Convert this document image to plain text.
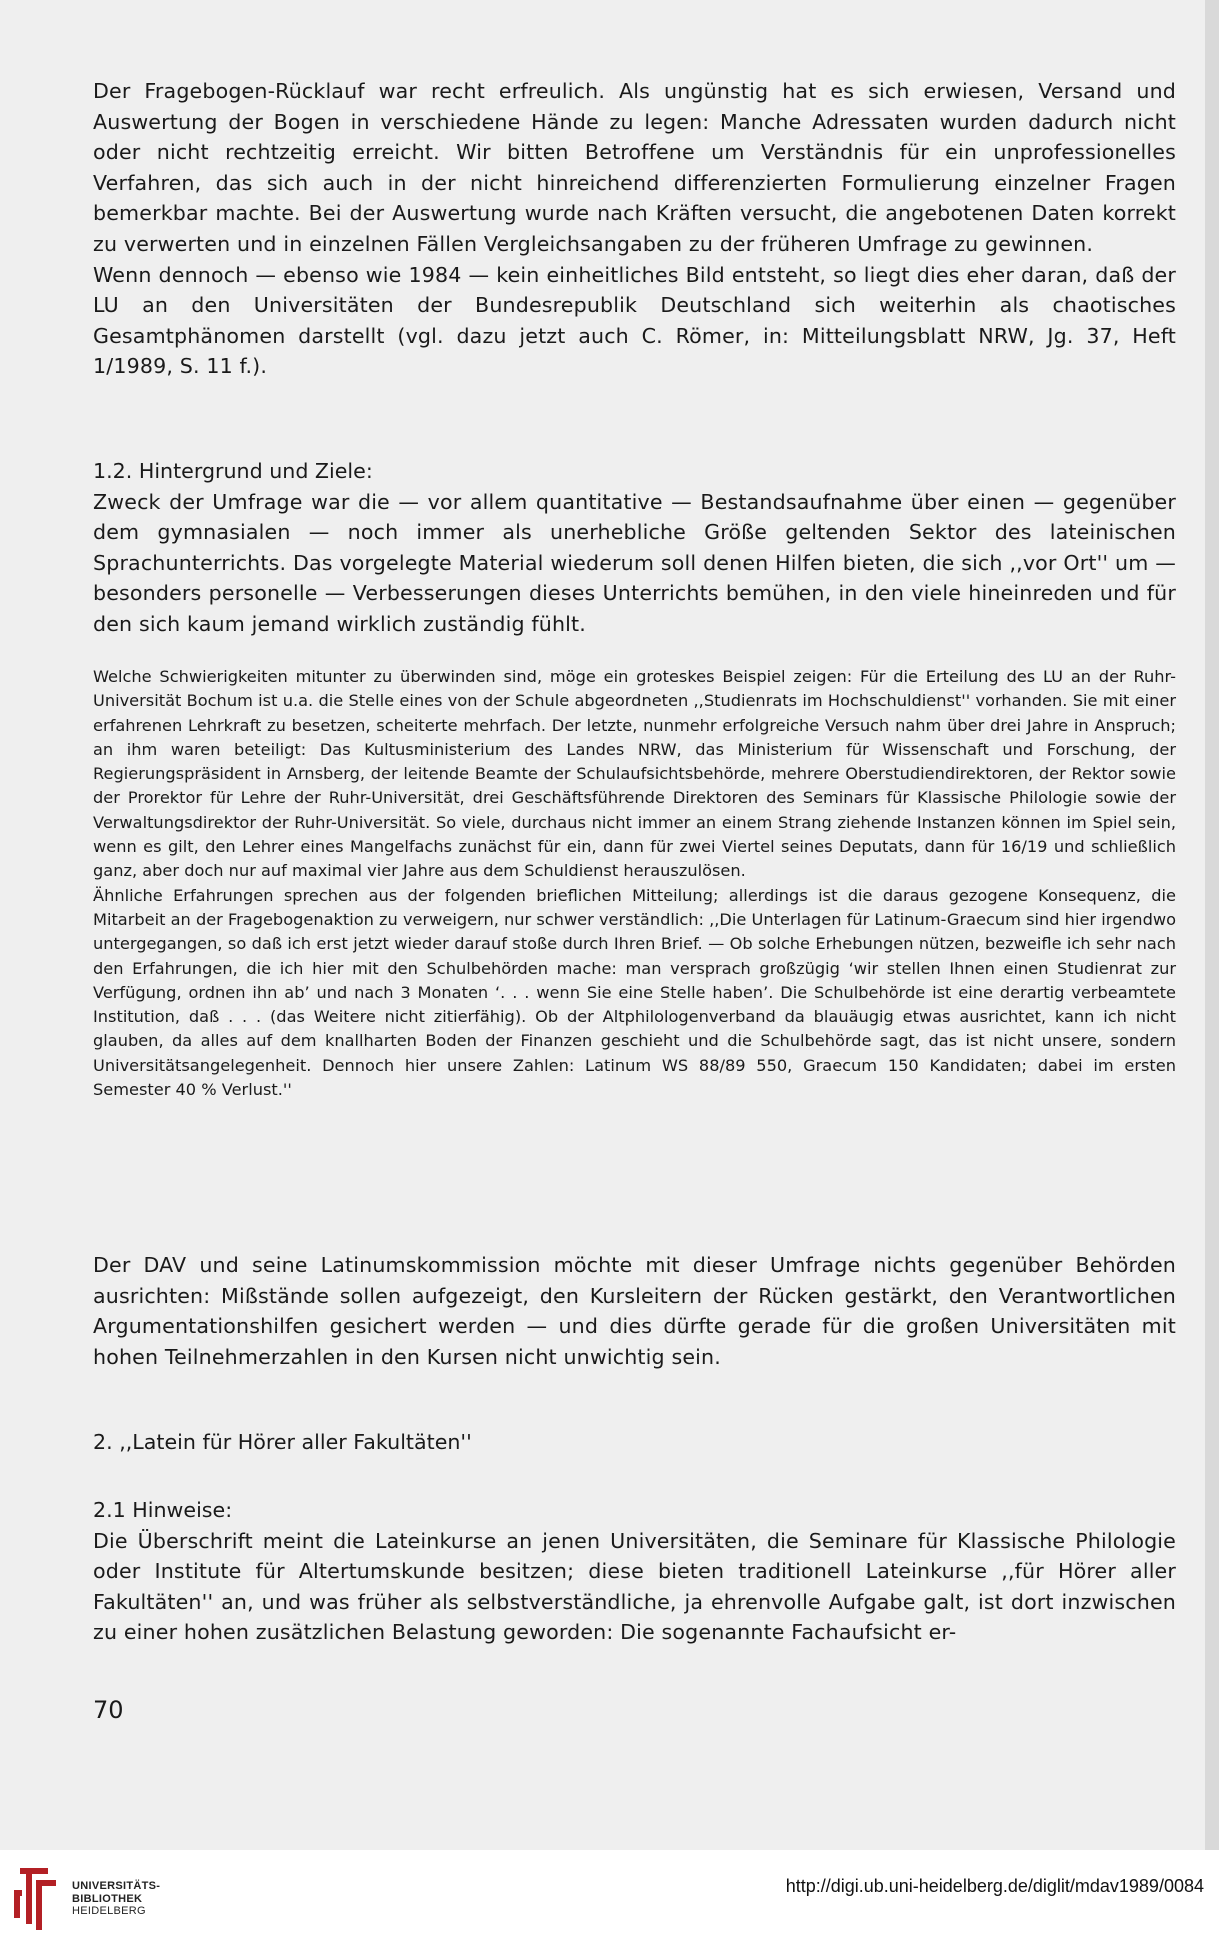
Der Fragebogen-Rücklauf war recht erfreulich. Als ungünstig hat es sich erwiesen, Versand und Auswertung der Bogen in verschiedene Hände zu legen: Manche Adressaten wurden dadurch nicht oder nicht rechtzeitig erreicht. Wir bitten Betroffene um Verständnis für ein unprofessionelles Verfahren, das sich auch in der nicht hinreichend differenzierten Formulierung einzelner Fragen bemerkbar machte. Bei der Auswertung wurde nach Kräften versucht, die angebotenen Daten korrekt zu verwerten und in einzelnen Fällen Vergleichsangaben zu der früheren Umfrage zu gewinnen.

Wenn dennoch — ebenso wie 1984 — kein einheitliches Bild entsteht, so liegt dies eher daran, daß der LU an den Universitäten der Bundesrepublik Deutschland sich weiterhin als chaotisches Gesamtphänomen darstellt (vgl. dazu jetzt auch C. Römer, in: Mitteilungsblatt NRW, Jg. 37, Heft 1/1989, S. 11 f.).

1.2. Hintergrund und Ziele:

Zweck der Umfrage war die — vor allem quantitative — Bestandsaufnahme über einen — gegenüber dem gymnasialen — noch immer als unerhebliche Größe geltenden Sektor des lateinischen Sprachunterrichts. Das vorgelegte Material wiederum soll denen Hilfen bieten, die sich ,,vor Ort'' um — besonders personelle — Verbesserungen dieses Unterrichts bemühen, in den viele hineinreden und für den sich kaum jemand wirklich zuständig fühlt.

Welche Schwierigkeiten mitunter zu überwinden sind, möge ein groteskes Beispiel zeigen: Für die Erteilung des LU an der Ruhr-Universität Bochum ist u.a. die Stelle eines von der Schule abgeordneten ,,Studienrats im Hochschuldienst'' vorhanden. Sie mit einer erfahrenen Lehrkraft zu besetzen, scheiterte mehrfach. Der letzte, nunmehr erfolgreiche Versuch nahm über drei Jahre in Anspruch; an ihm waren beteiligt: Das Kultusministerium des Landes NRW, das Ministerium für Wissenschaft und Forschung, der Regierungspräsident in Arnsberg, der leitende Beamte der Schulaufsichtsbehörde, mehrere Oberstudiendirektoren, der Rektor sowie der Prorektor für Lehre der Ruhr-Universität, drei Geschäftsführende Direktoren des Seminars für Klassische Philologie sowie der Verwaltungsdirektor der Ruhr-Universität. So viele, durchaus nicht immer an einem Strang ziehende Instanzen können im Spiel sein, wenn es gilt, den Lehrer eines Mangelfachs zunächst für ein, dann für zwei Viertel seines Deputats, dann für 16/19 und schließlich ganz, aber doch nur auf maximal vier Jahre aus dem Schuldienst herauszulösen.

Ähnliche Erfahrungen sprechen aus der folgenden brieflichen Mitteilung; allerdings ist die daraus gezogene Konsequenz, die Mitarbeit an der Fragebogenaktion zu verweigern, nur schwer verständlich: ,,Die Unterlagen für Latinum-Graecum sind hier irgendwo untergegangen, so daß ich erst jetzt wieder darauf stoße durch Ihren Brief. — Ob solche Erhebungen nützen, bezweifle ich sehr nach den Erfahrungen, die ich hier mit den Schulbehörden mache: man versprach großzügig ‘wir stellen Ihnen einen Studienrat zur Verfügung, ordnen ihn ab’ und nach 3 Monaten ‘. . . wenn Sie eine Stelle haben’. Die Schulbehörde ist eine derartig verbeamtete Institution, daß . . . (das Weitere nicht zitierfähig). Ob der Altphilologenverband da blauäugig etwas ausrichtet, kann ich nicht glauben, da alles auf dem knallharten Boden der Finanzen geschieht und die Schulbehörde sagt, das ist nicht unsere, sondern Universitätsangelegenheit. Dennoch hier unsere Zahlen: Latinum WS 88/89 550, Graecum 150 Kandidaten; dabei im ersten Semester 40 % Verlust.''

Der DAV und seine Latinumskommission möchte mit dieser Umfrage nichts gegenüber Behörden ausrichten: Mißstände sollen aufgezeigt, den Kursleitern der Rücken gestärkt, den Verantwortlichen Argumentationshilfen gesichert werden — und dies dürfte gerade für die großen Universitäten mit hohen Teilnehmerzahlen in den Kursen nicht unwichtig sein.

2. ,,Latein für Hörer aller Fakultäten''

2.1 Hinweise:

Die Überschrift meint die Lateinkurse an jenen Universitäten, die Seminare für Klassische Philologie oder Institute für Altertumskunde besitzen; diese bieten traditionell Lateinkurse ,,für Hörer aller Fakultäten'' an, und was früher als selbstverständliche, ja ehrenvolle Aufgabe galt, ist dort inzwischen zu einer hohen zusätzlichen Belastung geworden: Die sogenannte Fachaufsicht er-

70
UNIVERSITÄTS-
BIBLIOTHEK
HEIDELBERG
http://digi.ub.uni-heidelberg.de/diglit/mdav1989/0084
